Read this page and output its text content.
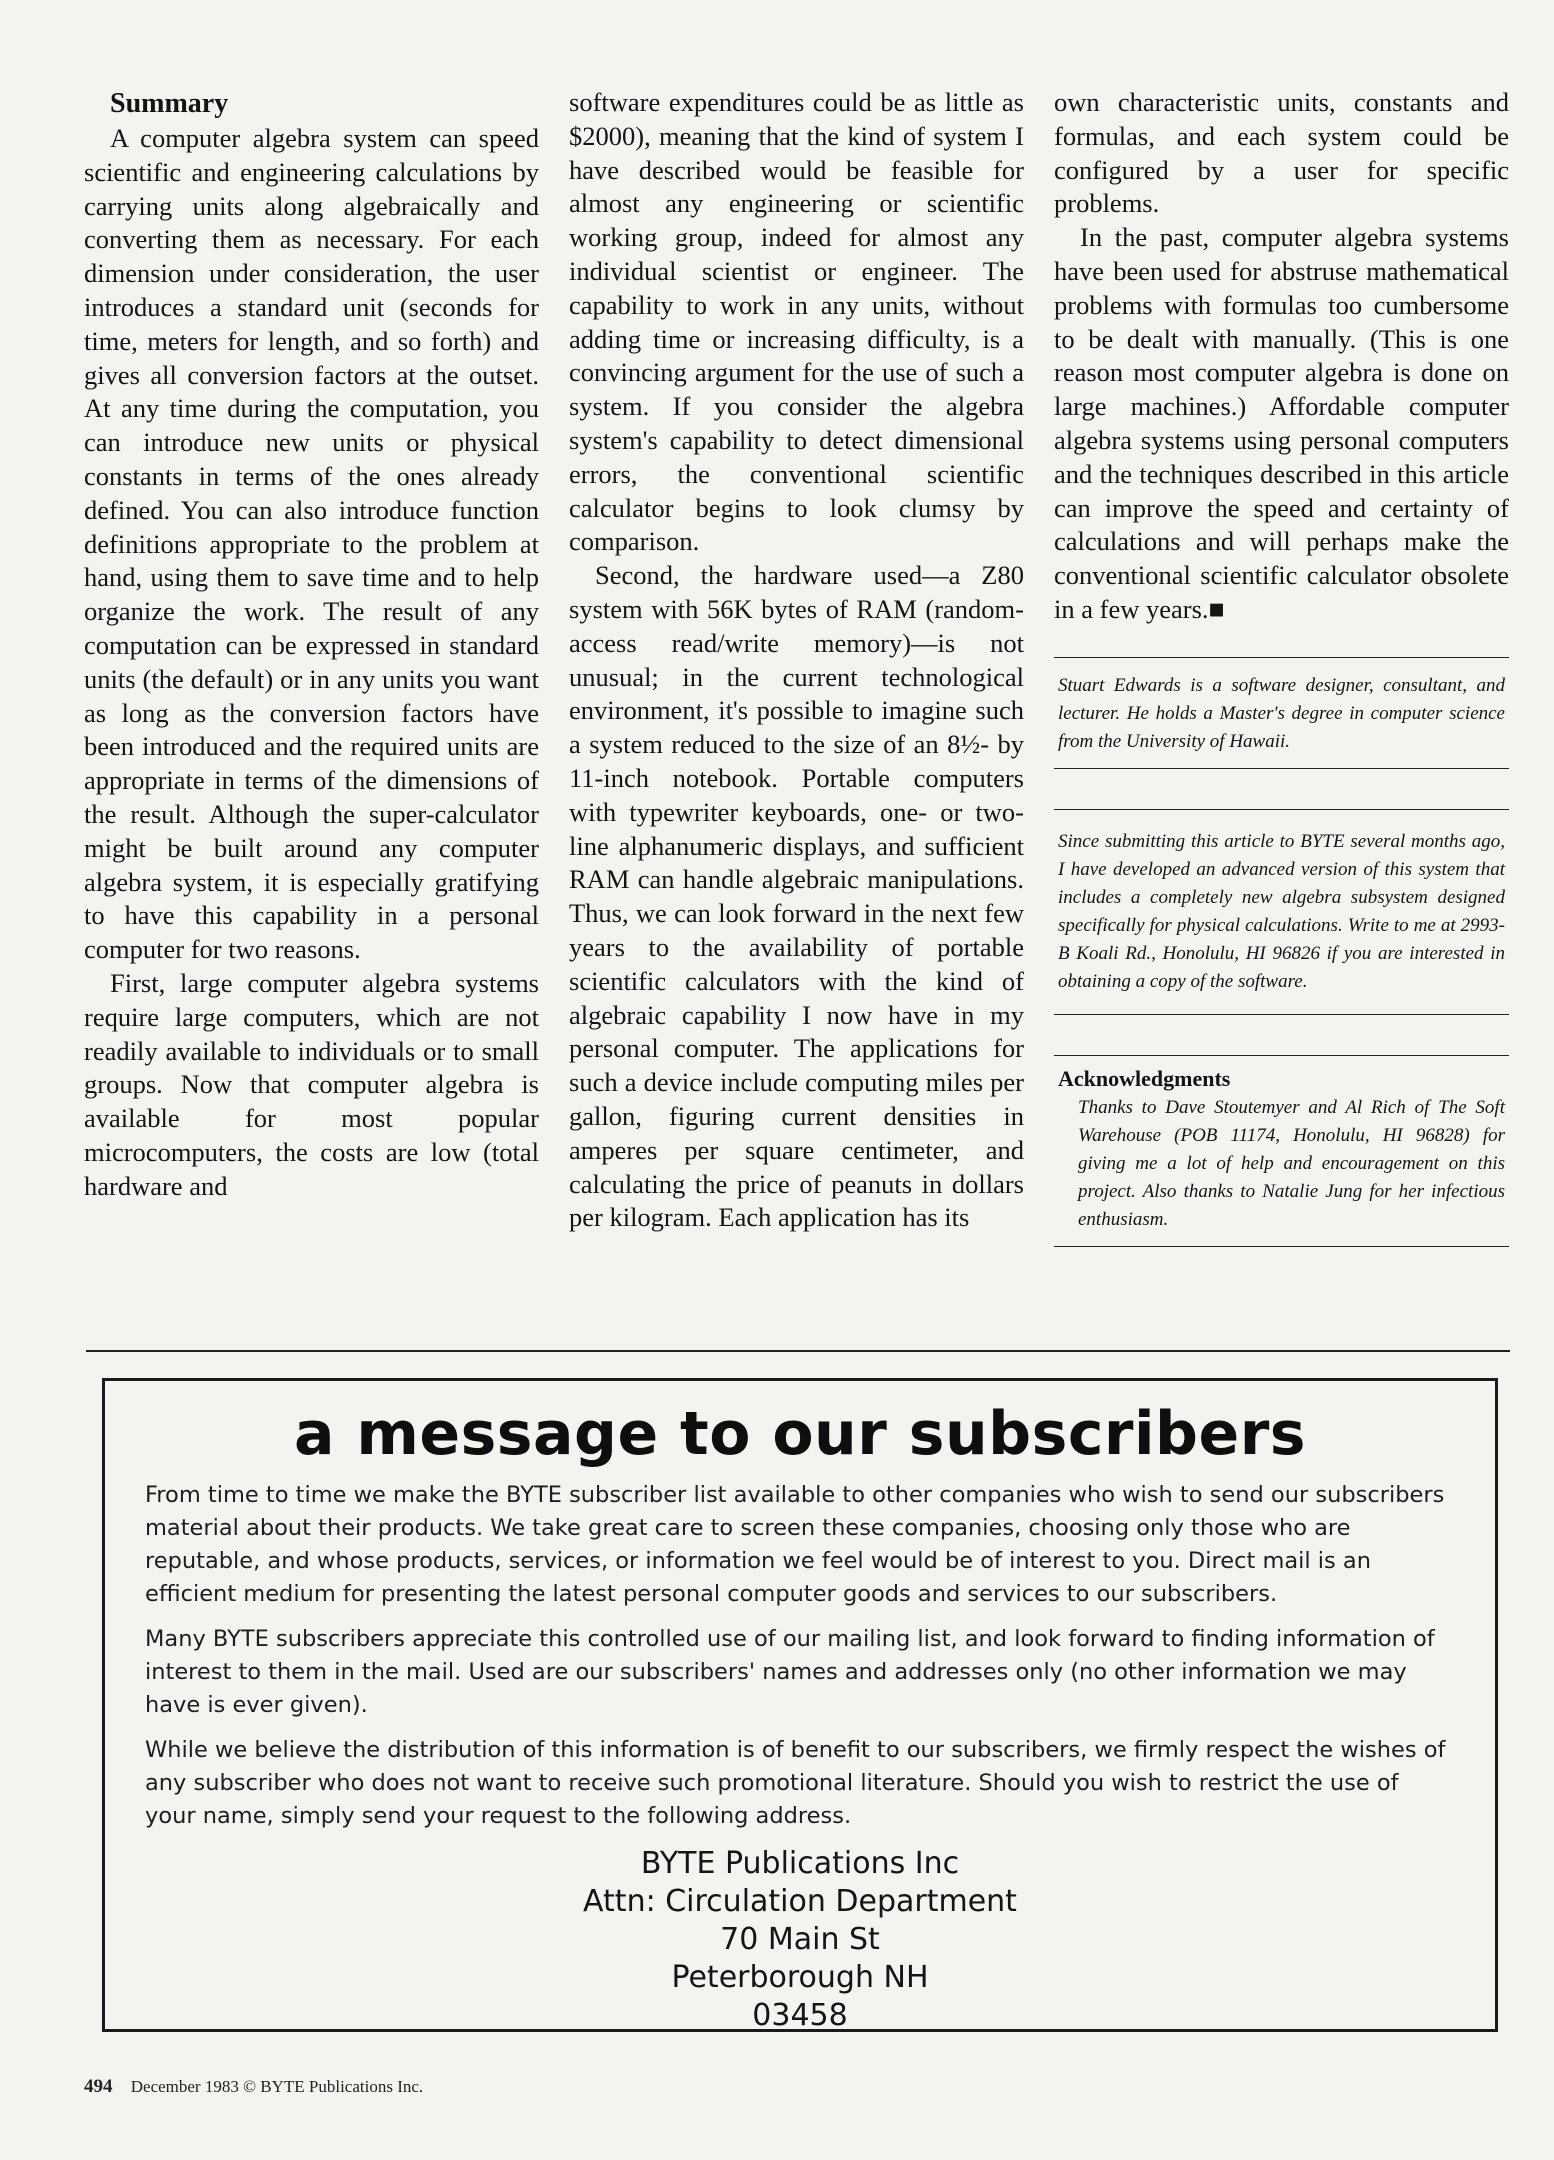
Summary

A computer algebra system can speed scientific and engineering calculations by carrying units along algebraically and converting them as necessary. For each dimension under consideration, the user introduces a standard unit (seconds for time, meters for length, and so forth) and gives all conversion factors at the outset. At any time during the computation, you can introduce new units or physical constants in terms of the ones already defined. You can also introduce function definitions appropriate to the problem at hand, using them to save time and to help organize the work. The result of any computation can be expressed in standard units (the default) or in any units you want as long as the conversion factors have been introduced and the required units are appropriate in terms of the dimensions of the result. Although the super-calculator might be built around any computer algebra system, it is especially gratifying to have this capability in a personal computer for two reasons.

First, large computer algebra systems require large computers, which are not readily available to individuals or to small groups. Now that computer algebra is available for most popular microcomputers, the costs are low (total hardware and

software expenditures could be as little as $2000), meaning that the kind of system I have described would be feasible for almost any engineering or scientific working group, indeed for almost any individual scientist or engineer. The capability to work in any units, without adding time or increasing difficulty, is a convincing argument for the use of such a system. If you consider the algebra system's capability to detect dimensional errors, the conventional scientific calculator begins to look clumsy by comparison.

Second, the hardware used—a Z80 system with 56K bytes of RAM (random-access read/write memory)—is not unusual; in the current technological environment, it's possible to imagine such a system reduced to the size of an 8½- by 11-inch notebook. Portable computers with typewriter keyboards, one- or two-line alphanumeric displays, and sufficient RAM can handle algebraic manipulations. Thus, we can look forward in the next few years to the availability of portable scientific calculators with the kind of algebraic capability I now have in my personal computer. The applications for such a device include computing miles per gallon, figuring current densities in amperes per square centimeter, and calculating the price of peanuts in dollars per kilogram. Each application has its

own characteristic units, constants and formulas, and each system could be configured by a user for specific problems.

In the past, computer algebra systems have been used for abstruse mathematical problems with formulas too cumbersome to be dealt with manually. (This is one reason most computer algebra is done on large machines.) Affordable computer algebra systems using personal computers and the techniques described in this article can improve the speed and certainty of calculations and will perhaps make the conventional scientific calculator obsolete in a few years.■

Stuart Edwards is a software designer, consultant, and lecturer. He holds a Master's degree in computer science from the University of Hawaii.
Since submitting this article to BYTE several months ago, I have developed an advanced version of this system that includes a completely new algebra subsystem designed specifically for physical calculations. Write to me at 2993-B Koali Rd., Honolulu, HI 96826 if you are interested in obtaining a copy of the software.
Acknowledgments
Thanks to Dave Stoutemyer and Al Rich of The Soft Warehouse (POB 11174, Honolulu, HI 96828) for giving me a lot of help and encouragement on this project. Also thanks to Natalie Jung for her infectious enthusiasm.
a message to our subscribers

From time to time we make the BYTE subscriber list available to other companies who wish to send our subscribers material about their products. We take great care to screen these companies, choosing only those who are reputable, and whose products, services, or information we feel would be of interest to you. Direct mail is an efficient medium for presenting the latest personal computer goods and services to our subscribers.

Many BYTE subscribers appreciate this controlled use of our mailing list, and look forward to finding information of interest to them in the mail. Used are our subscribers' names and addresses only (no other information we may have is ever given).

While we believe the distribution of this information is of benefit to our subscribers, we firmly respect the wishes of any subscriber who does not want to receive such promotional literature. Should you wish to restrict the use of your name, simply send your request to the following address.

BYTE Publications Inc
Attn: Circulation Department
70 Main St
Peterborough NH
03458
494 December 1983 © BYTE Publications Inc.
